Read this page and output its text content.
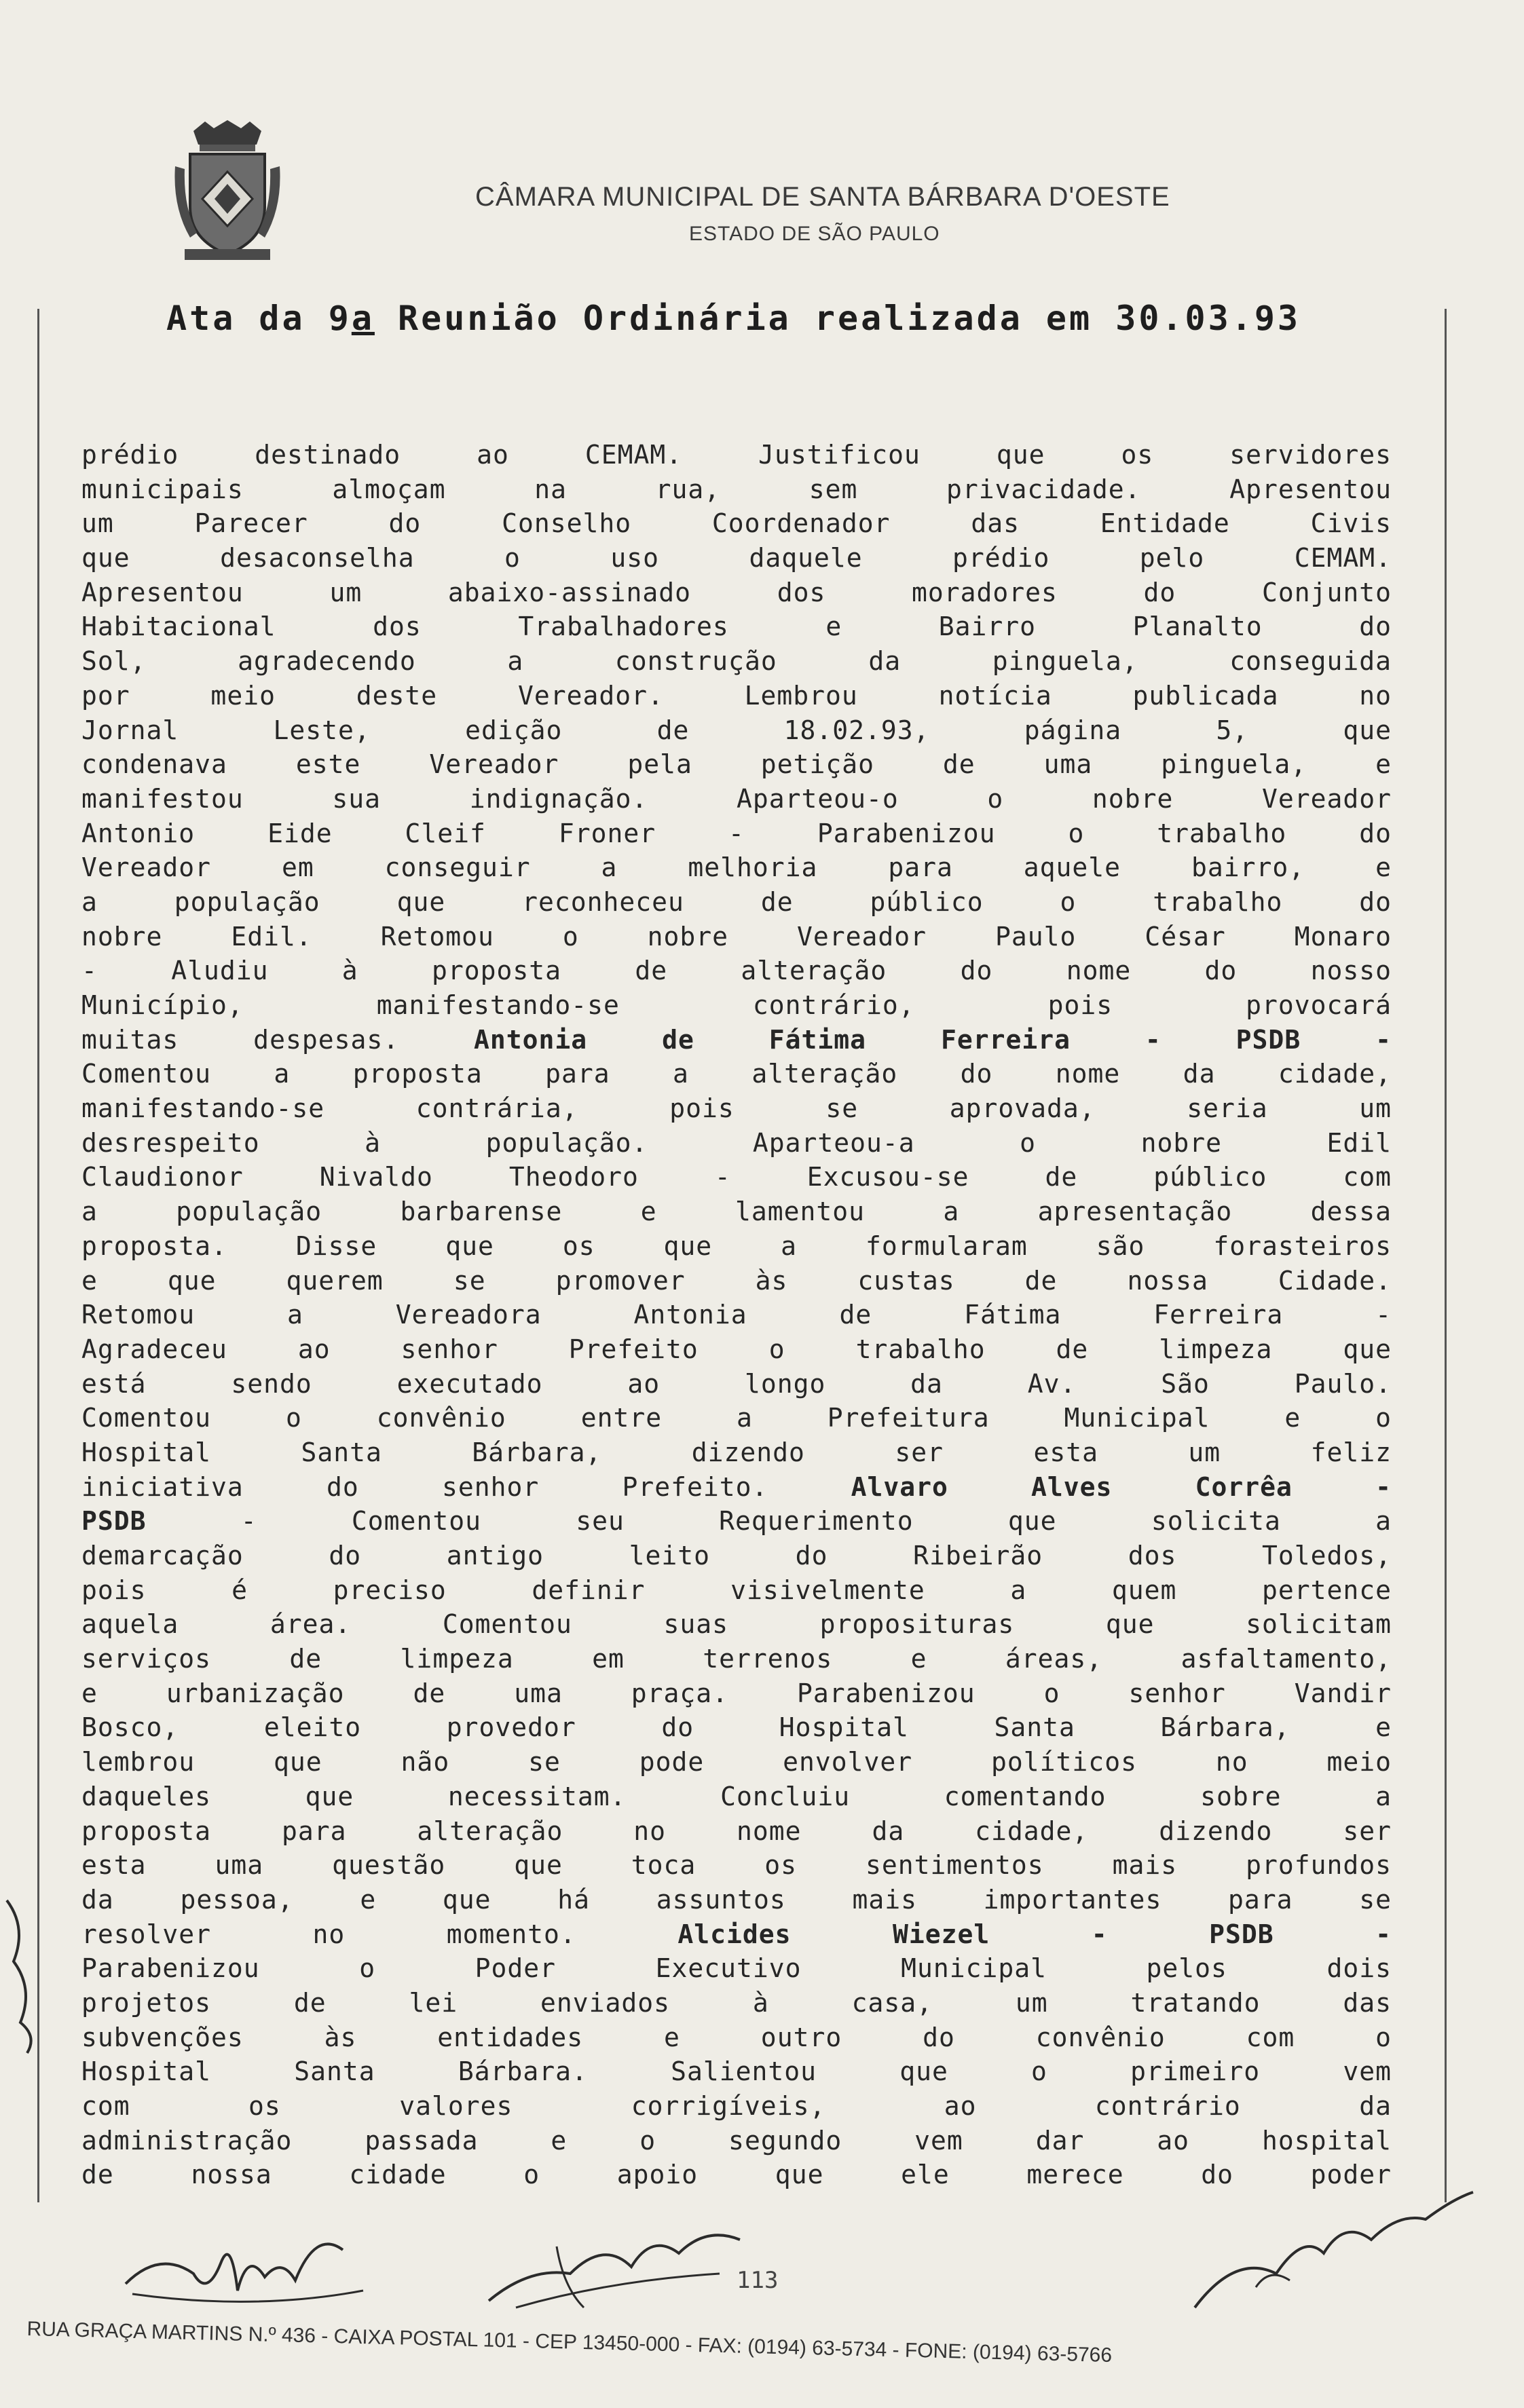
CÂMARA MUNICIPAL DE SANTA BÁRBARA D'OESTE
ESTADO DE SÃO PAULO
Ata da 9a Reunião Ordinária realizada em 30.03.93
prédio destinado ao CEMAM. Justificou que os servidores
municipais almoçam na rua, sem privacidade. Apresentou
um Parecer do Conselho Coordenador das Entidade Civis
que desaconselha o uso daquele prédio pelo CEMAM.
Apresentou um abaixo-assinado dos moradores do Conjunto
Habitacional dos Trabalhadores e Bairro Planalto do
Sol, agradecendo a construção da pinguela, conseguida
por meio deste Vereador. Lembrou notícia publicada no
Jornal Leste, edição de 18.02.93, página 5, que
condenava este Vereador pela petição de uma pinguela, e
manifestou sua indignação. Aparteou-o o nobre Vereador
Antonio Eide Cleif Froner - Parabenizou o trabalho do
Vereador em conseguir a melhoria para aquele bairro, e
a população que reconheceu de público o trabalho do
nobre Edil. Retomou o nobre Vereador Paulo César Monaro
- Aludiu à proposta de alteração do nome do nosso
Município, manifestando-se contrário, pois provocará
muitas despesas. Antonia de Fátima Ferreira - PSDB -
Comentou a proposta para a alteração do nome da cidade,
manifestando-se contrária, pois se aprovada, seria um
desrespeito à população. Aparteou-a o nobre Edil
Claudionor Nivaldo Theodoro - Excusou-se de público com
a população barbarense e lamentou a apresentação dessa
proposta. Disse que os que a formularam são forasteiros
e que querem se promover às custas de nossa Cidade.
Retomou a Vereadora Antonia de Fátima Ferreira -
Agradeceu ao senhor Prefeito o trabalho de limpeza que
está sendo executado ao longo da Av. São Paulo.
Comentou o convênio entre a Prefeitura Municipal e o
Hospital Santa Bárbara, dizendo ser esta um feliz
iniciativa do senhor Prefeito. Alvaro Alves Corrêa -
PSDB - Comentou seu Requerimento que solicita a
demarcação do antigo leito do Ribeirão dos Toledos,
pois é preciso definir visivelmente a quem pertence
aquela área. Comentou suas proposituras que solicitam
serviços de limpeza em terrenos e áreas, asfaltamento,
e urbanização de uma praça. Parabenizou o senhor Vandir
Bosco, eleito provedor do Hospital Santa Bárbara, e
lembrou que não se pode envolver políticos no meio
daqueles que necessitam. Concluiu comentando sobre a
proposta para alteração no nome da cidade, dizendo ser
esta uma questão que toca os sentimentos mais profundos
da pessoa, e que há assuntos mais importantes para se
resolver no momento. Alcides Wiezel - PSDB -
Parabenizou o Poder Executivo Municipal pelos dois
projetos de lei enviados à casa, um tratando das
subvenções às entidades e outro do convênio com o
Hospital Santa Bárbara. Salientou que o primeiro vem
com os valores corrigíveis, ao contrário da
administração passada e o segundo vem dar ao hospital
de nossa cidade o apoio que ele merece do poder
113
RUA GRAÇA MARTINS N.º 436 - CAIXA POSTAL 101 - CEP 13450-000 - FAX: (0194) 63-5734 - FONE: (0194) 63-5766
